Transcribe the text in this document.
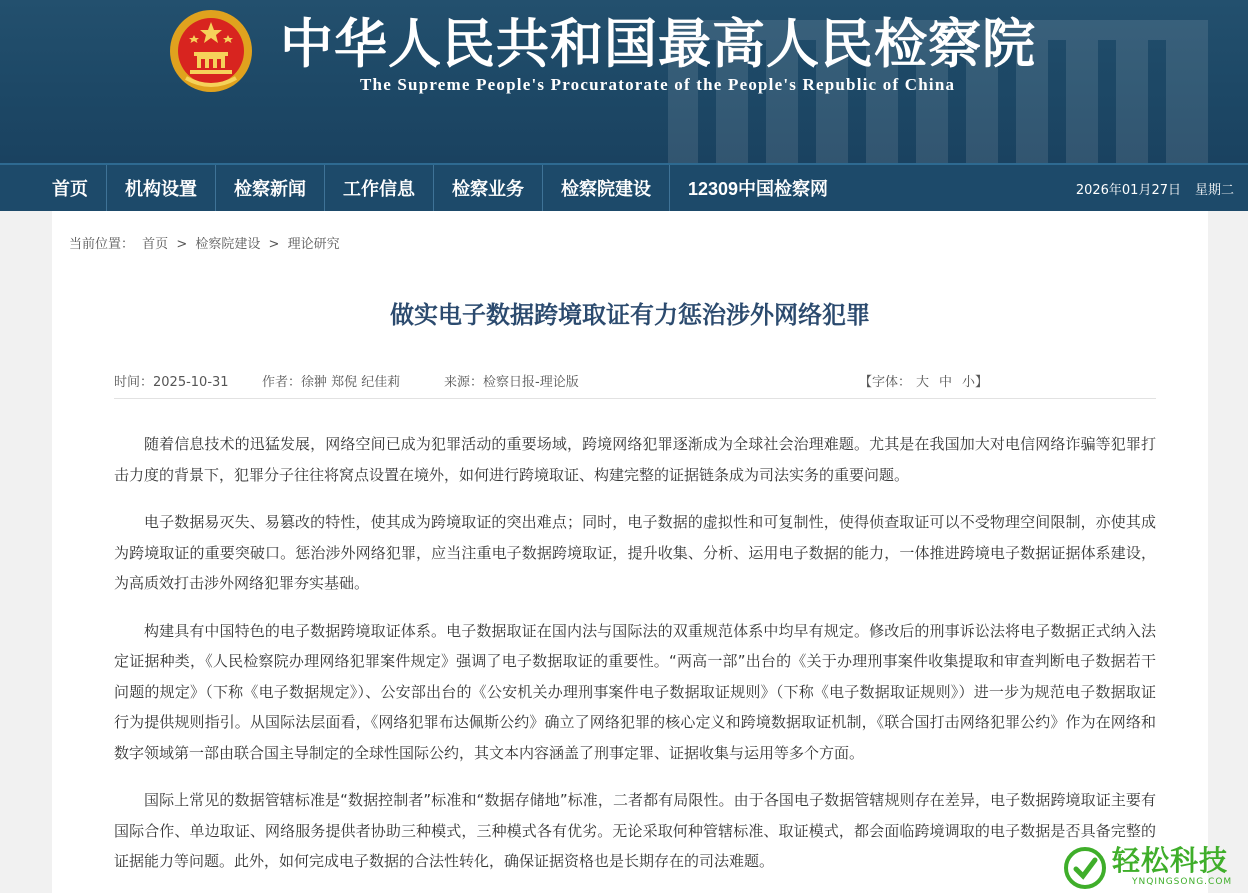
中华人民共和国最高人民检察院
The Supreme People's Procuratorate of the People's Republic of China
首页	机构设置	检察新闻	工作信息	检察业务	检察院建设	12309中国检察网	2026年01月27日 星期二
当前位置： 首页 > 检察院建设 > 理论研究
做实电子数据跨境取证有力惩治涉外网络犯罪
时间：2025-10-31	作者：徐翀 郑倪 纪佳莉	来源：检察日报-理论版	【字体： 大 中 小】

随着信息技术的迅猛发展，网络空间已成为犯罪活动的重要场域，跨境网络犯罪逐渐成为全球社会治理难题。尤其是在我国加大对电信网络诈骗等犯罪打击力度的背景下，犯罪分子往往将窝点设置在境外，如何进行跨境取证、构建完整的证据链条成为司法实务的重要问题。

电子数据易灭失、易篡改的特性，使其成为跨境取证的突出难点；同时，电子数据的虚拟性和可复制性，使得侦查取证可以不受物理空间限制，亦使其成为跨境取证的重要突破口。惩治涉外网络犯罪，应当注重电子数据跨境取证，提升收集、分析、运用电子数据的能力，一体推进跨境电子数据证据体系建设，为高质效打击涉外网络犯罪夯实基础。

构建具有中国特色的电子数据跨境取证体系。电子数据取证在国内法与国际法的双重规范体系中均早有规定。修改后的刑事诉讼法将电子数据正式纳入法定证据种类，《人民检察院办理网络犯罪案件规定》强调了电子数据取证的重要性。“两高一部”出台的《关于办理刑事案件收集提取和审查判断电子数据若干问题的规定》（下称《电子数据规定》）、公安部出台的《公安机关办理刑事案件电子数据取证规则》（下称《电子数据取证规则》）进一步为规范电子数据取证行为提供规则指引。从国际法层面看，《网络犯罪布达佩斯公约》确立了网络犯罪的核心定义和跨境数据取证机制，《联合国打击网络犯罪公约》作为在网络和数字领域第一部由联合国主导制定的全球性国际公约，其文本内容涵盖了刑事定罪、证据收集与运用等多个方面。

国际上常见的数据管辖标准是“数据控制者”标准和“数据存储地”标准，二者都有局限性。由于各国电子数据管辖规则存在差异，电子数据跨境取证主要有国际合作、单边取证、网络服务提供者协助三种模式，三种模式各有优劣。无论采取何种管辖标准、取证模式，都会面临跨境调取的电子数据是否具备完整的证据能力等问题。此外，如何完成电子数据的合法性转化，确保证据资格也是长期存在的司法难题。	轻松科技
YNQINGSONG.COM
